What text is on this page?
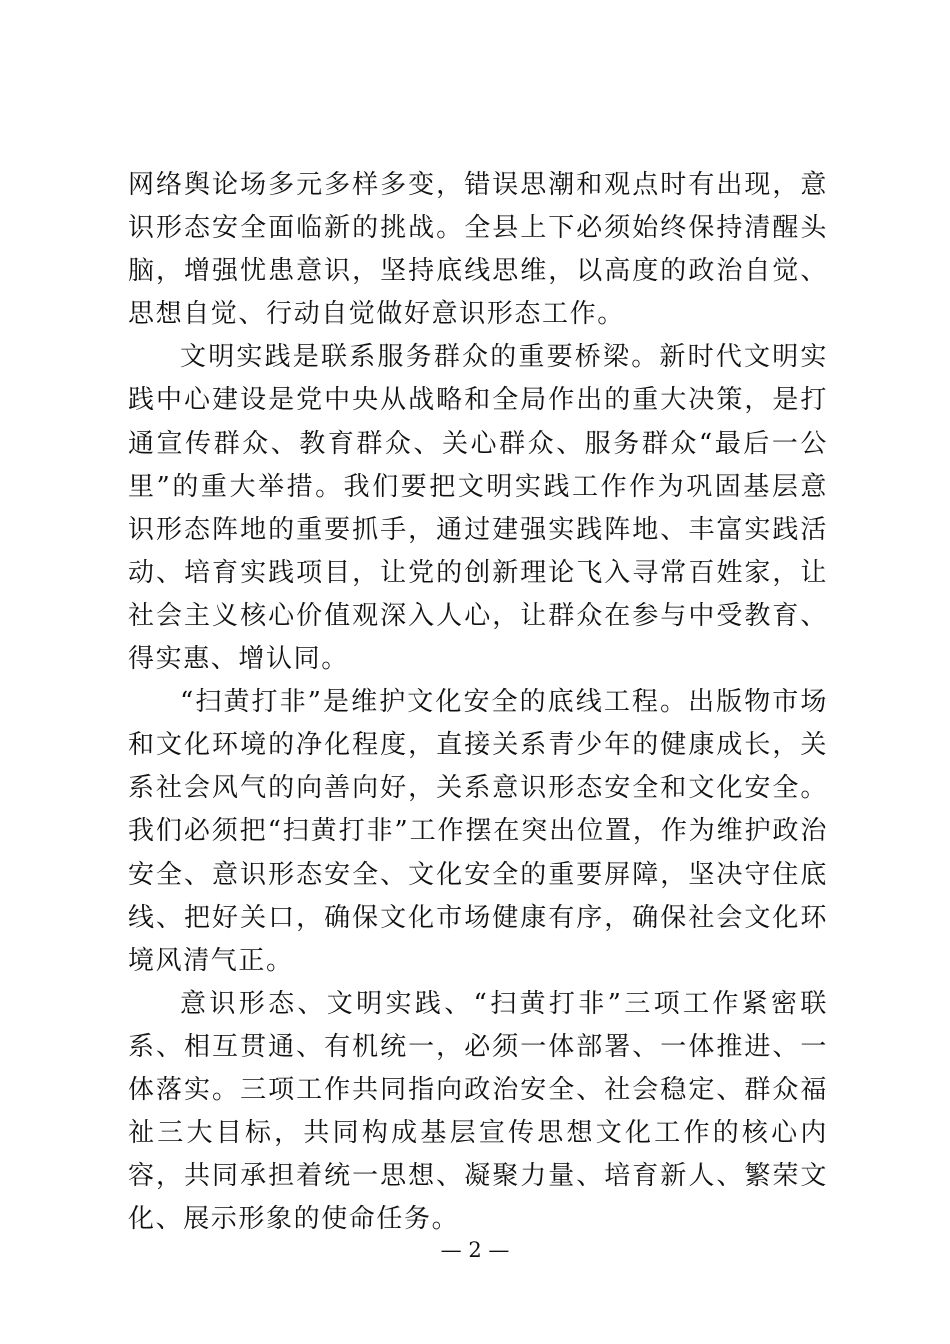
网络舆论场多元多样多变，错误思潮和观点时有出现，意识形态安全面临新的挑战。全县上下必须始终保持清醒头脑，增强忧患意识，坚持底线思维，以高度的政治自觉、思想自觉、行动自觉做好意识形态工作。

文明实践是联系服务群众的重要桥梁。新时代文明实践中心建设是党中央从战略和全局作出的重大决策，是打通宣传群众、教育群众、关心群众、服务群众“最后一公里”的重大举措。我们要把文明实践工作作为巩固基层意识形态阵地的重要抓手，通过建强实践阵地、丰富实践活动、培育实践项目，让党的创新理论飞入寻常百姓家，让社会主义核心价值观深入人心，让群众在参与中受教育、得实惠、增认同。

“扫黄打非”是维护文化安全的底线工程。出版物市场和文化环境的净化程度，直接关系青少年的健康成长，关系社会风气的向善向好，关系意识形态安全和文化安全。我们必须把“扫黄打非”工作摆在突出位置，作为维护政治安全、意识形态安全、文化安全的重要屏障，坚决守住底线、把好关口，确保文化市场健康有序，确保社会文化环境风清气正。

意识形态、文明实践、“扫黄打非”三项工作紧密联系、相互贯通、有机统一，必须一体部署、一体推进、一体落实。三项工作共同指向政治安全、社会稳定、群众福祉三大目标，共同构成基层宣传思想文化工作的核心内容，共同承担着统一思想、凝聚力量、培育新人、繁荣文化、展示形象的使命任务。

— 2 —
